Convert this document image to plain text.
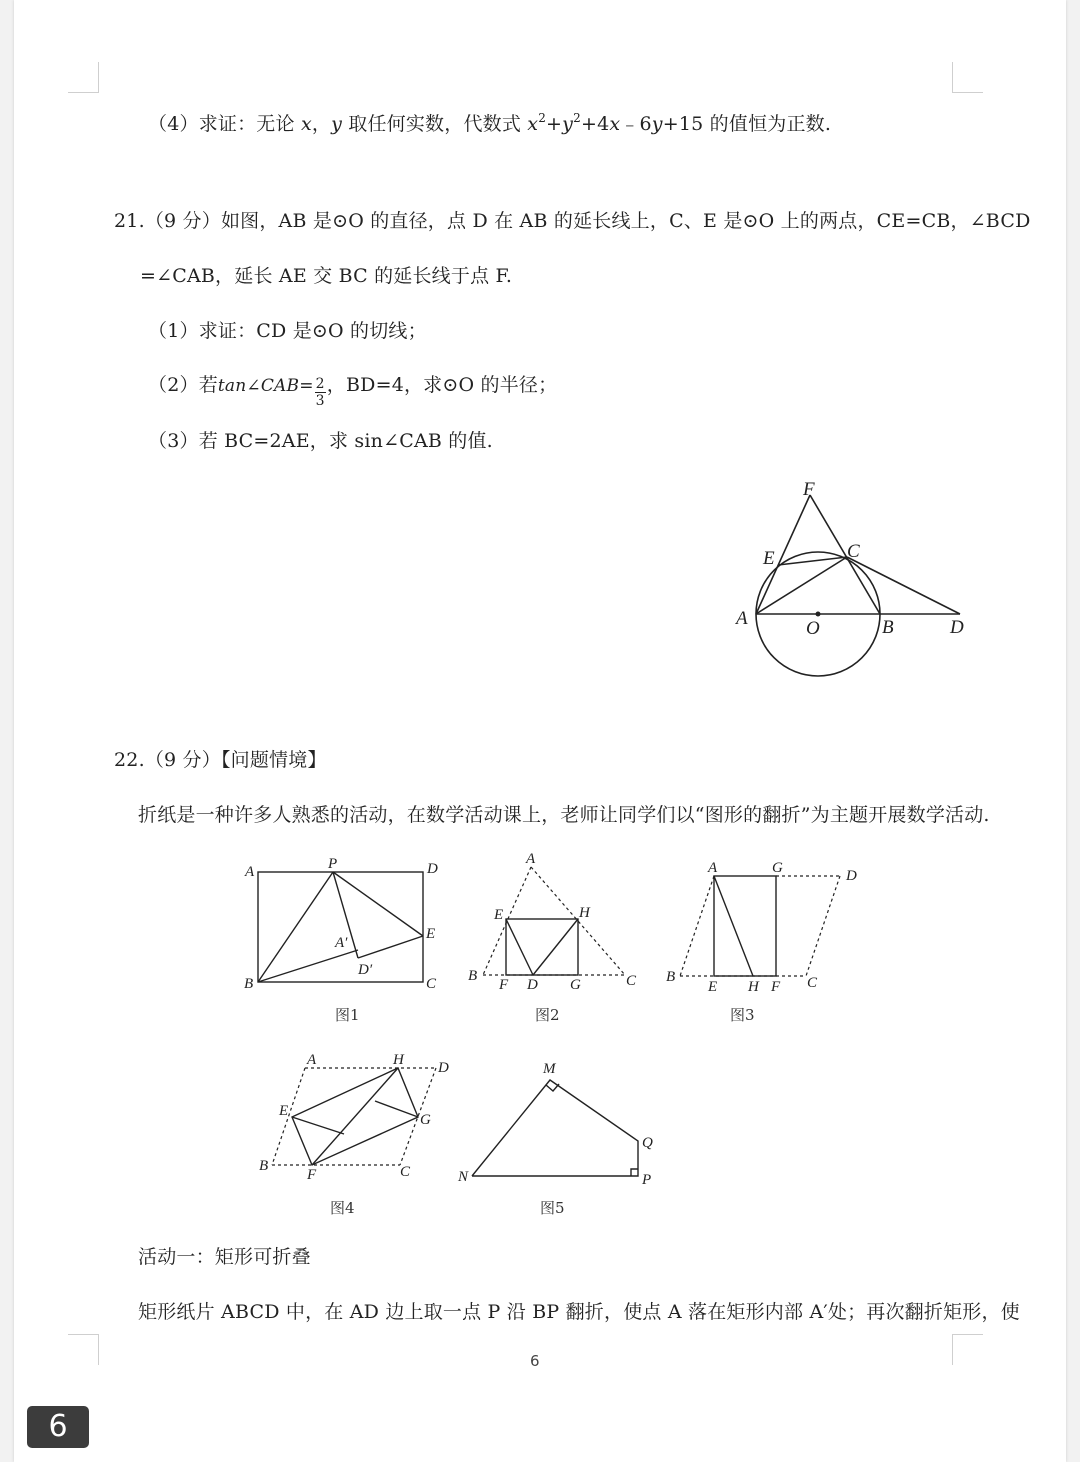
（4）求证：无论 x，y 取任何实数，代数式 $x^2+y^2+4x﹣6y+15$ 的值恒为正数.
21.（9 分）如图，AB 是⊙O 的直径，点 D 在 AB 的延长线上，C、E 是⊙O 上的两点，CE=CB，∠BCD
=∠CAB，延长 AE 交 BC 的延长线于点 F.
（1）求证：CD 是⊙O 的切线；
（2）若tan∠CAB= $\frac{2}{3}$ ，BD=4，求⊙O 的半径；
（3）若 BC=2AE，求 sin∠CAB 的值.
F
E	C
A	O	B	D
22.（9 分）【问题情境】
折纸是一种许多人熟悉的活动，在数学活动课上，老师让同学们以“图形的翻折”为主题开展数学活动.
A	P	D
E
A′
D′
B	C
图1
A
E	H
B
F D G	C
图2
A	G	D
B
E H F C
图3
A	H D
E
G
B
F	C
图4
M
Q
N	P
图5
活动一：矩形可折叠
矩形纸片 ABCD 中，在 AD 边上取一点 P 沿 BP 翻折，使点 A 落在矩形内部 A′处；再次翻折矩形，使
6
6
